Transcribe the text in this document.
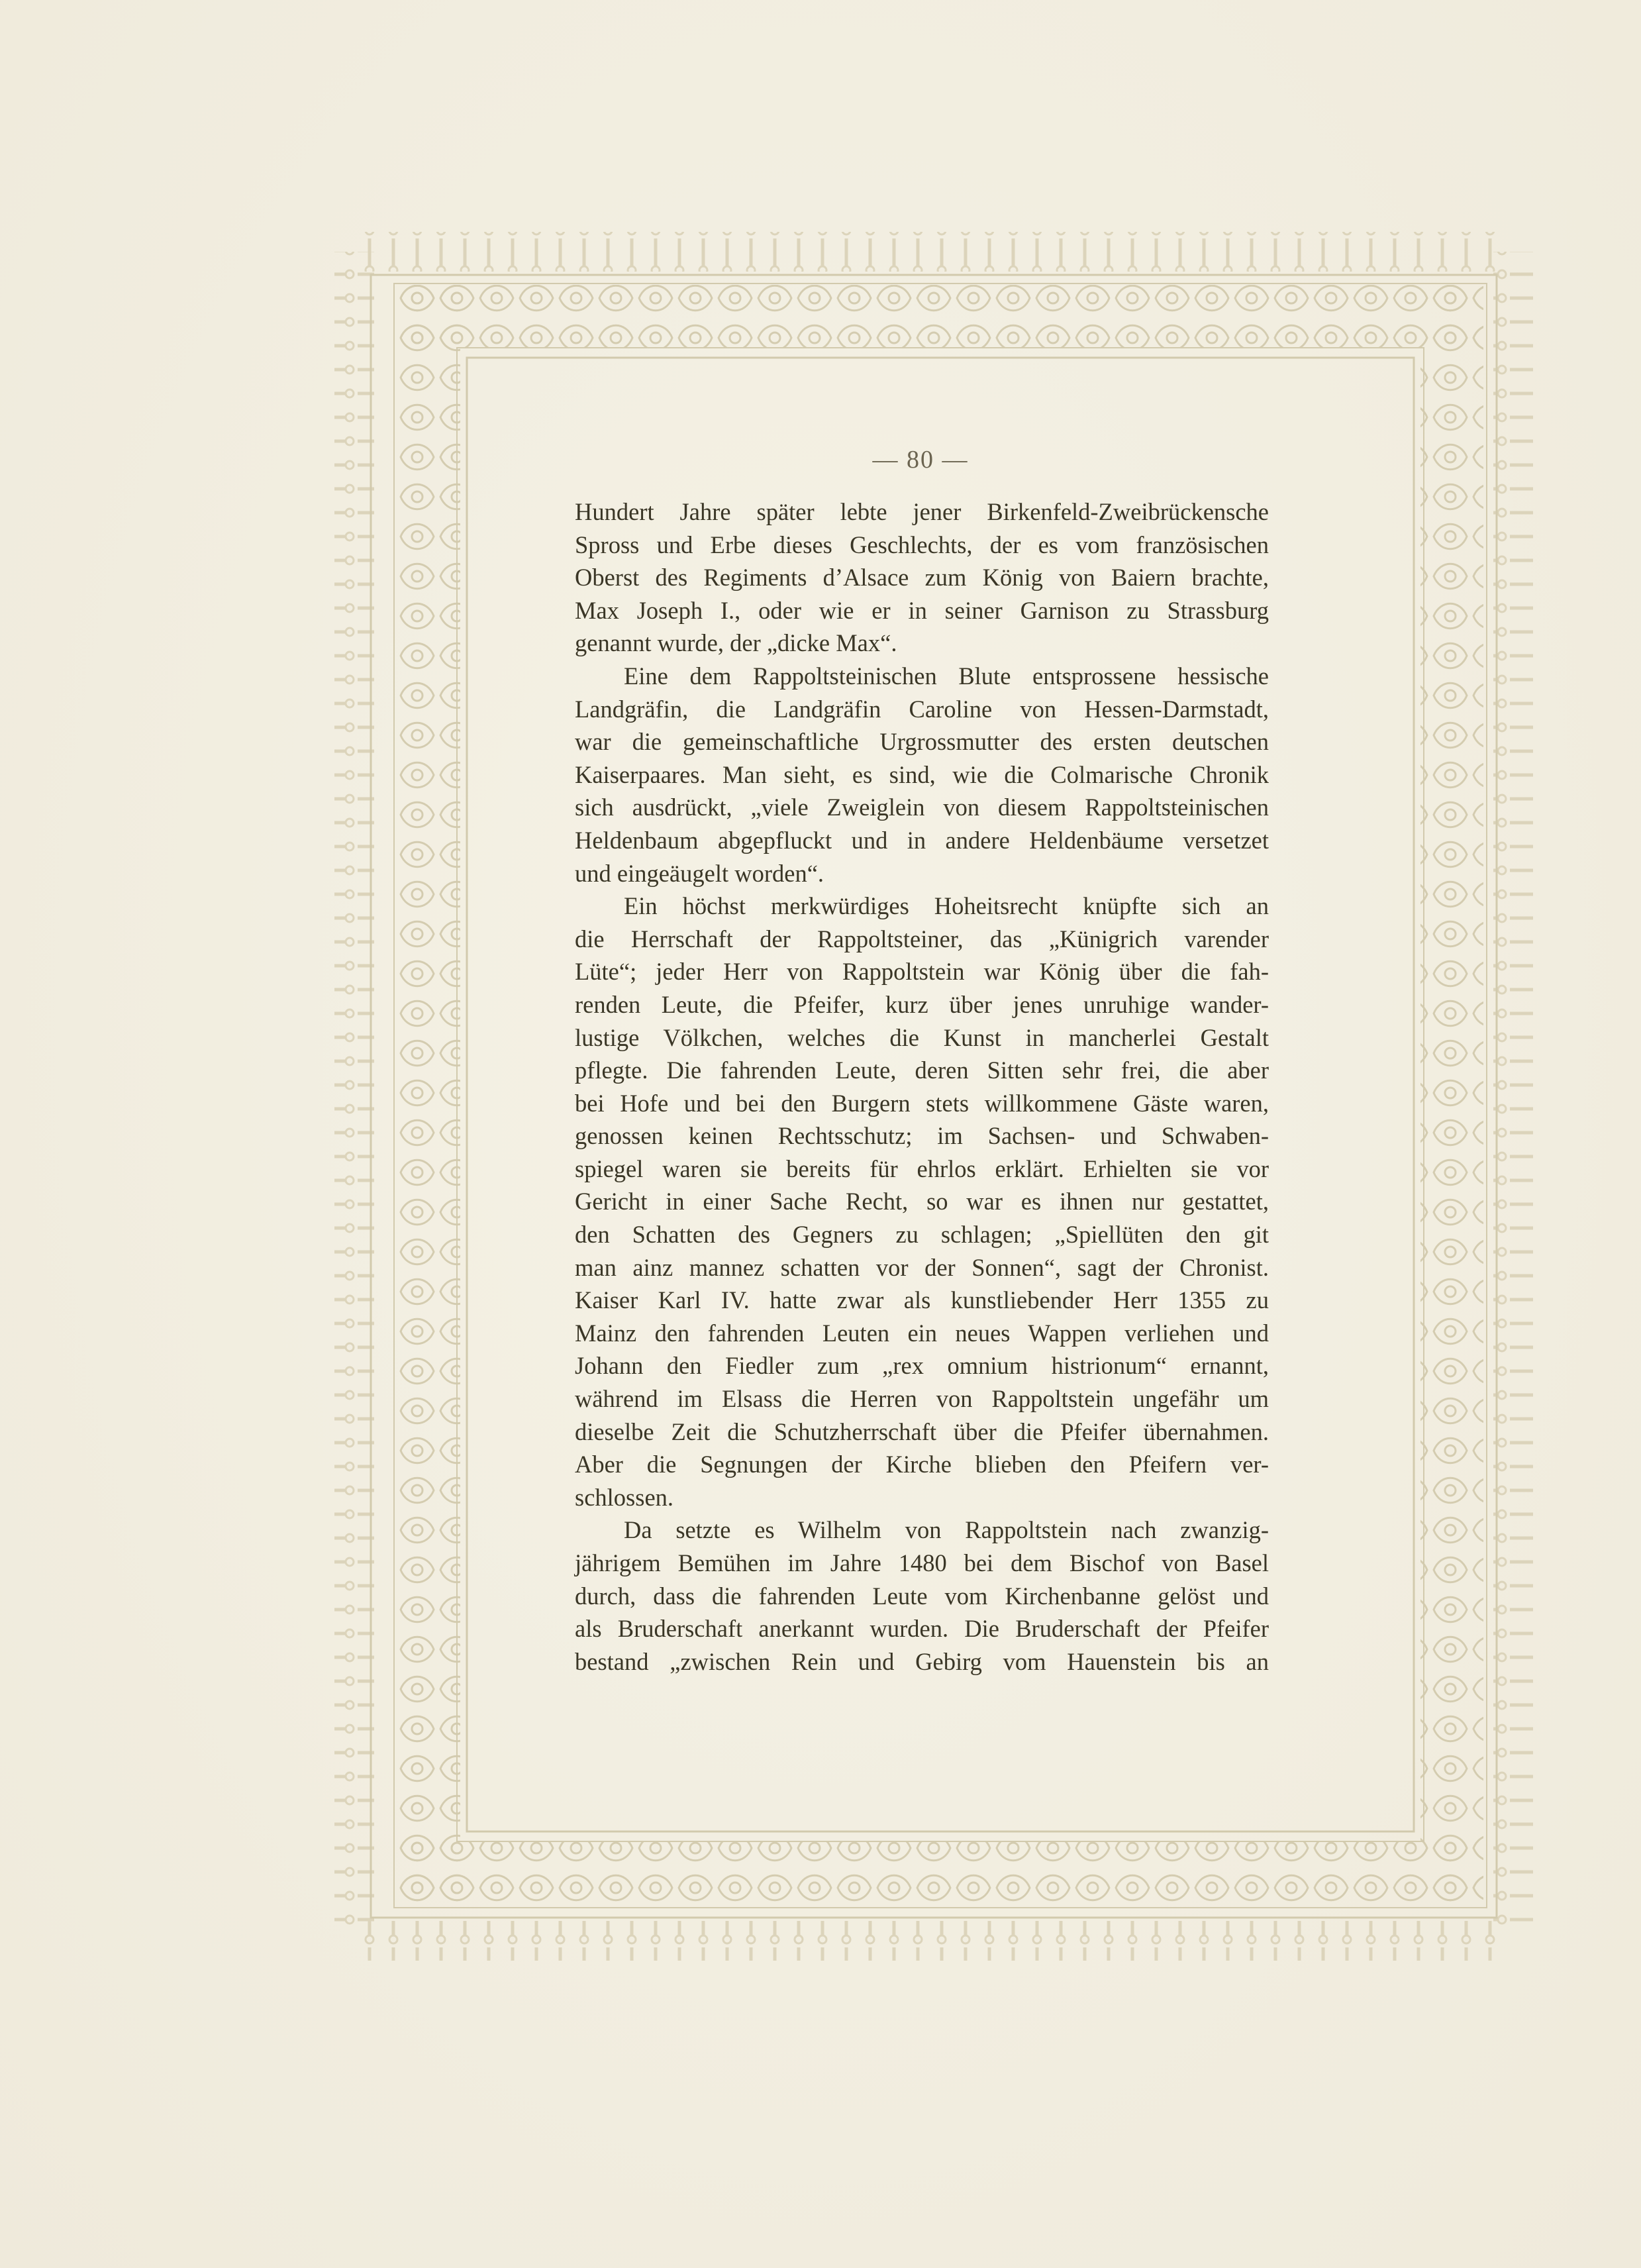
— 80 —
Hundert Jahre später lebte jener Birkenfeld-Zweibrückensche
Spross und Erbe dieses Geschlechts, der es vom französischen
Oberst des Regiments d’Alsace zum König von Baiern brachte,
Max Joseph I., oder wie er in seiner Garnison zu Strassburg
genannt wurde, der „dicke Max“.
Eine dem Rappoltsteinischen Blute entsprossene hessische
Landgräfin, die Landgräfin Caroline von Hessen-Darmstadt,
war die gemeinschaftliche Urgrossmutter des ersten deutschen
Kaiserpaares. Man sieht, es sind, wie die Colmarische Chronik
sich ausdrückt, „viele Zweiglein von diesem Rappoltsteinischen
Heldenbaum abgepfluckt und in andere Heldenbäume versetzet
und eingeäugelt worden“.
Ein höchst merkwürdiges Hoheitsrecht knüpfte sich an
die Herrschaft der Rappoltsteiner, das „Künigrich varender
Lüte“; jeder Herr von Rappoltstein war König über die fah-
renden Leute, die Pfeifer, kurz über jenes unruhige wander-
lustige Völkchen, welches die Kunst in mancherlei Gestalt
pflegte. Die fahrenden Leute, deren Sitten sehr frei, die aber
bei Hofe und bei den Burgern stets willkommene Gäste waren,
genossen keinen Rechtsschutz; im Sachsen- und Schwaben-
spiegel waren sie bereits für ehrlos erklärt. Erhielten sie vor
Gericht in einer Sache Recht, so war es ihnen nur gestattet,
den Schatten des Gegners zu schlagen; „Spiellüten den git
man ainz mannez schatten vor der Sonnen“, sagt der Chronist.
Kaiser Karl IV. hatte zwar als kunstliebender Herr 1355 zu
Mainz den fahrenden Leuten ein neues Wappen verliehen und
Johann den Fiedler zum „rex omnium histrionum“ ernannt,
während im Elsass die Herren von Rappoltstein ungefähr um
dieselbe Zeit die Schutzherrschaft über die Pfeifer übernahmen.
Aber die Segnungen der Kirche blieben den Pfeifern ver-
schlossen.
Da setzte es Wilhelm von Rappoltstein nach zwanzig-
jährigem Bemühen im Jahre 1480 bei dem Bischof von Basel
durch, dass die fahrenden Leute vom Kirchenbanne gelöst und
als Bruderschaft anerkannt wurden. Die Bruderschaft der Pfeifer
bestand „zwischen Rein und Gebirg vom Hauenstein bis an
